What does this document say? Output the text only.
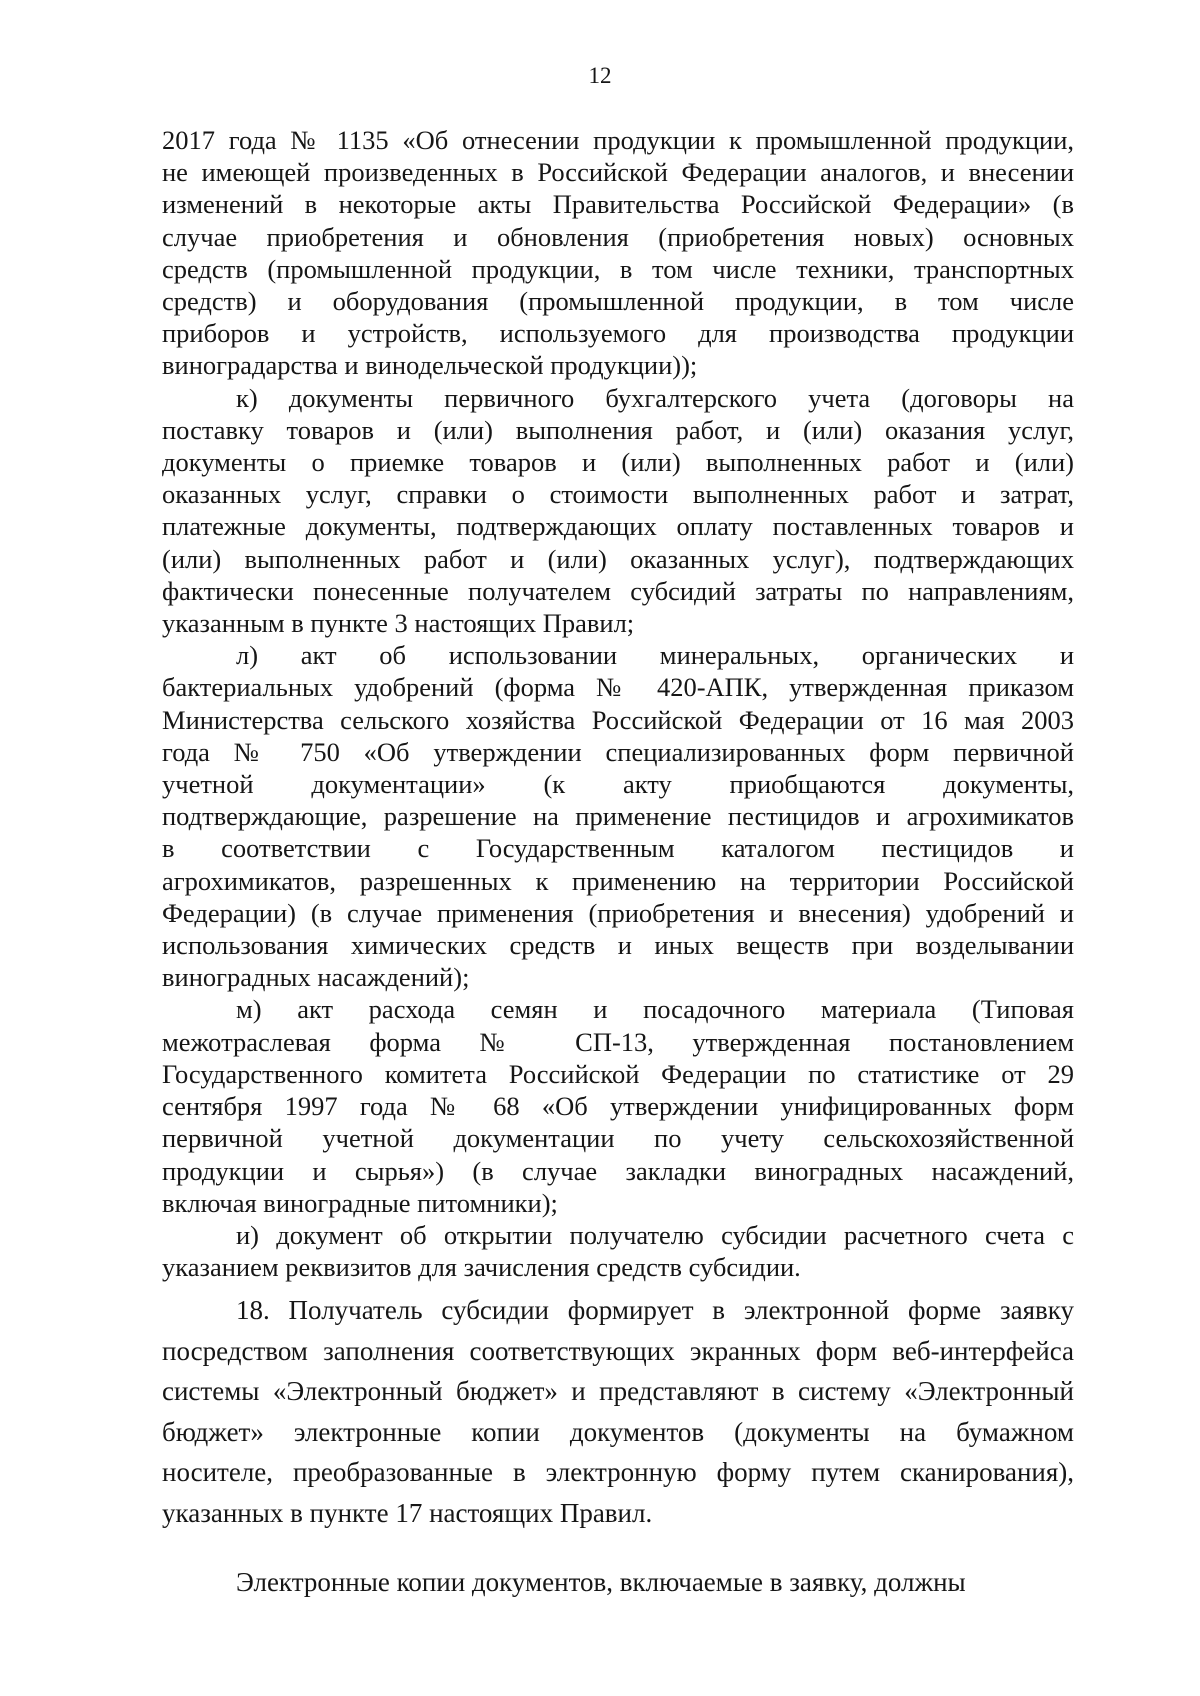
12
2017 года № 1135 «Об отнесении продукции к промышленной продукции,
не имеющей произведенных в Российской Федерации аналогов, и внесении
изменений в некоторые акты Правительства Российской Федерации» (в
случае приобретения и обновления (приобретения новых) основных
средств (промышленной продукции, в том числе техники, транспортных
средств) и оборудования (промышленной продукции, в том числе
приборов и устройств, используемого для производства продукции
виноградарства и винодельческой продукции));
к) документы первичного бухгалтерского учета (договоры на
поставку товаров и (или) выполнения работ, и (или) оказания услуг,
документы о приемке товаров и (или) выполненных работ и (или)
оказанных услуг, справки о стоимости выполненных работ и затрат,
платежные документы, подтверждающих оплату поставленных товаров и
(или) выполненных работ и (или) оказанных услуг), подтверждающих
фактически понесенные получателем субсидий затраты по направлениям,
указанным в пункте 3 настоящих Правил;
л) акт об использовании минеральных, органических и
бактериальных удобрений (форма № 420-АПК, утвержденная приказом
Министерства сельского хозяйства Российской Федерации от 16 мая 2003
года № 750 «Об утверждении специализированных форм первичной
учетной документации» (к акту приобщаются документы,
подтверждающие, разрешение на применение пестицидов и агрохимикатов
в соответствии с Государственным каталогом пестицидов и
агрохимикатов, разрешенных к применению на территории Российской
Федерации) (в случае применения (приобретения и внесения) удобрений и
использования химических средств и иных веществ при возделывании
виноградных насаждений);
м) акт расхода семян и посадочного материала (Типовая
межотраслевая форма № СП-13, утвержденная постановлением
Государственного комитета Российской Федерации по статистике от 29
сентября 1997 года № 68 «Об утверждении унифицированных форм
первичной учетной документации по учету сельскохозяйственной
продукции и сырья») (в случае закладки виноградных насаждений,
включая виноградные питомники);
и) документ об открытии получателю субсидии расчетного счета с
указанием реквизитов для зачисления средств субсидии.
18. Получатель субсидии формирует в электронной форме заявку
посредством заполнения соответствующих экранных форм веб-интерфейса
системы «Электронный бюджет» и представляют в систему «Электронный
бюджет» электронные копии документов (документы на бумажном
носителе, преобразованные в электронную форму путем сканирования),
указанных в пункте 17 настоящих Правил.
Электронные копии документов, включаемые в заявку, должны
